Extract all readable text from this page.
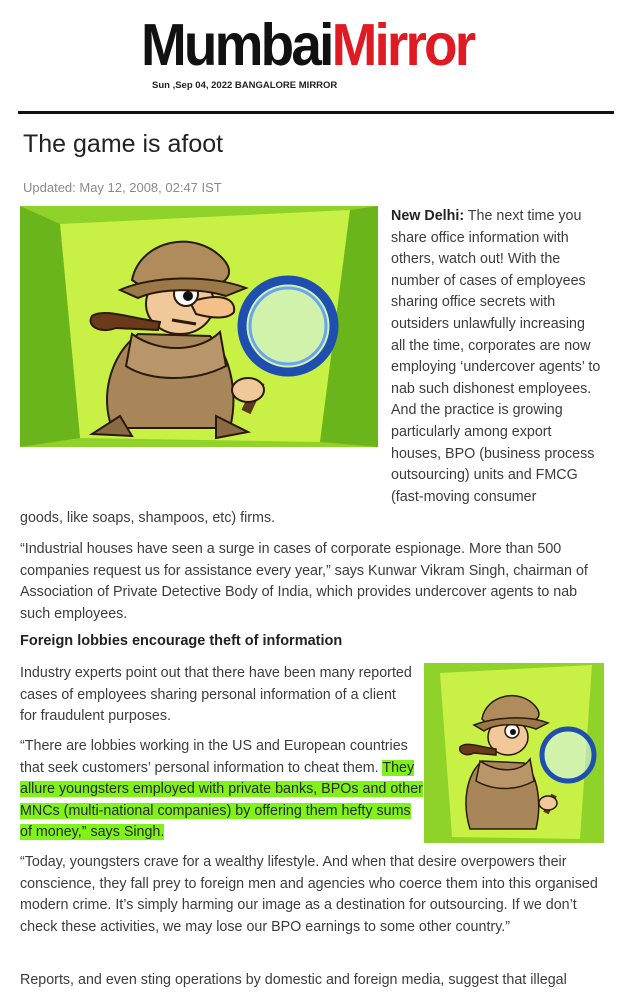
MumbaiMirror
Sun ,Sep 04, 2022 BANGALORE MIRROR
The game is afoot
Updated: May 12, 2008, 02:47 IST

New Delhi: The next time you share office information with others, watch out! With the number of cases of employees sharing office secrets with outsiders unlawfully increasing all the time, corporates are now employing ‘undercover agents’ to nab such dishonest employees. And the practice is growing particularly among export houses, BPO (business process outsourcing) units and FMCG (fast-moving consumer

goods, like soaps, shampoos, etc) firms.

“Industrial houses have seen a surge in cases of corporate espionage. More than 500 companies request us for assistance every year,” says Kunwar Vikram Singh, chairman of Association of Private Detective Body of India, which provides undercover agents to nab such employees.

Foreign lobbies encourage theft of information

Industry experts point out that there have been many reported cases of employees sharing personal information of a client for fraudulent purposes.

“There are lobbies working in the US and European countries that seek customers’ personal information to cheat them. They allure youngsters employed with private banks, BPOs and other MNCs (multi-national companies) by offering them hefty sums of money,” says Singh.

“Today, youngsters crave for a wealthy lifestyle. And when that desire overpowers their conscience, they fall prey to foreign men and agencies who coerce them into this organised modern crime. It’s simply harming our image as a destination for outsourcing. If we don’t check these activities, we may lose our BPO earnings to some other country.”

Reports, and even sting operations by domestic and foreign media, suggest that illegal
